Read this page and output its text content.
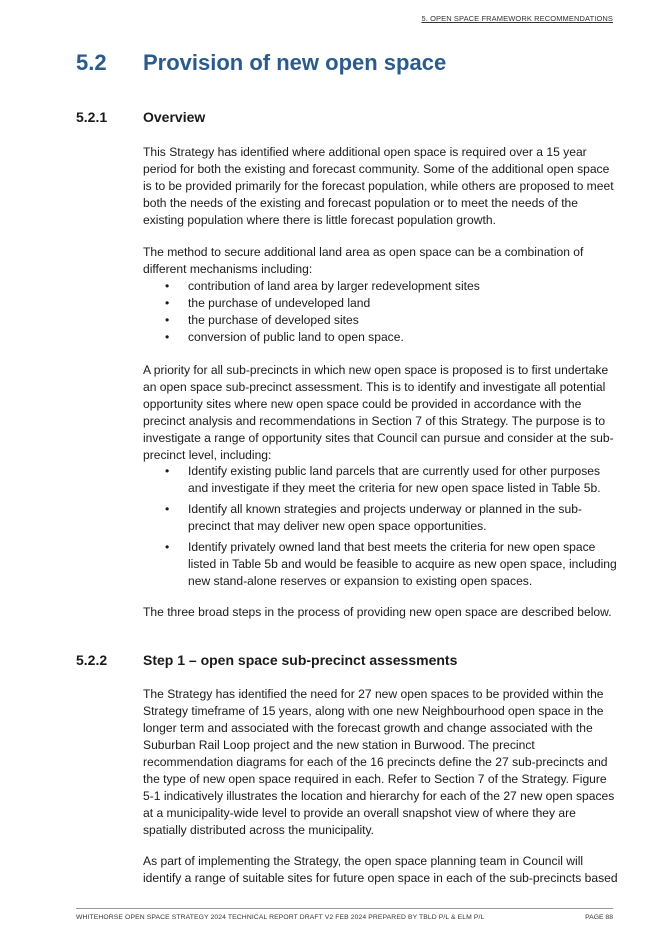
5. OPEN SPACE FRAMEWORK RECOMMENDATIONS
5.2	Provision of new open space
5.2.1	Overview

This Strategy has identified where additional open space is required over a 15 year period for both the existing and forecast community. Some of the additional open space is to be provided primarily for the forecast population, while others are proposed to meet both the needs of the existing and forecast population or to meet the needs of the existing population where there is little forecast population growth.

The method to secure additional land area as open space can be a combination of different mechanisms including:

• contribution of land area by larger redevelopment sites
• the purchase of undeveloped land
• the purchase of developed sites
• conversion of public land to open space.

A priority for all sub-precincts in which new open space is proposed is to first undertake an open space sub-precinct assessment. This is to identify and investigate all potential opportunity sites where new open space could be provided in accordance with the precinct analysis and recommendations in Section 7 of this Strategy. The purpose is to investigate a range of opportunity sites that Council can pursue and consider at the sub-precinct level, including:

• Identify existing public land parcels that are currently used for other purposes and investigate if they meet the criteria for new open space listed in Table 5b.
• Identify all known strategies and projects underway or planned in the sub-precinct that may deliver new open space opportunities.
• Identify privately owned land that best meets the criteria for new open space listed in Table 5b and would be feasible to acquire as new open space, including new stand-alone reserves or expansion to existing open spaces.

The three broad steps in the process of providing new open space are described below.

5.2.2	Step 1 – open space sub-precinct assessments

The Strategy has identified the need for 27 new open spaces to be provided within the Strategy timeframe of 15 years, along with one new Neighbourhood open space in the longer term and associated with the forecast growth and change associated with the Suburban Rail Loop project and the new station in Burwood. The precinct recommendation diagrams for each of the 16 precincts define the 27 sub-precincts and the type of new open space required in each. Refer to Section 7 of the Strategy. Figure 5-1 indicatively illustrates the location and hierarchy for each of the 27 new open spaces at a municipality-wide level to provide an overall snapshot view of where they are spatially distributed across the municipality.

As part of implementing the Strategy, the open space planning team in Council will identify a range of suitable sites for future open space in each of the sub-precincts based

WHITEHORSE OPEN SPACE STRATEGY 2024 TECHNICAL REPORT DRAFT V2 FEB 2024 PREPARED BY TBLD P/L & ELM P/L	PAGE 88
